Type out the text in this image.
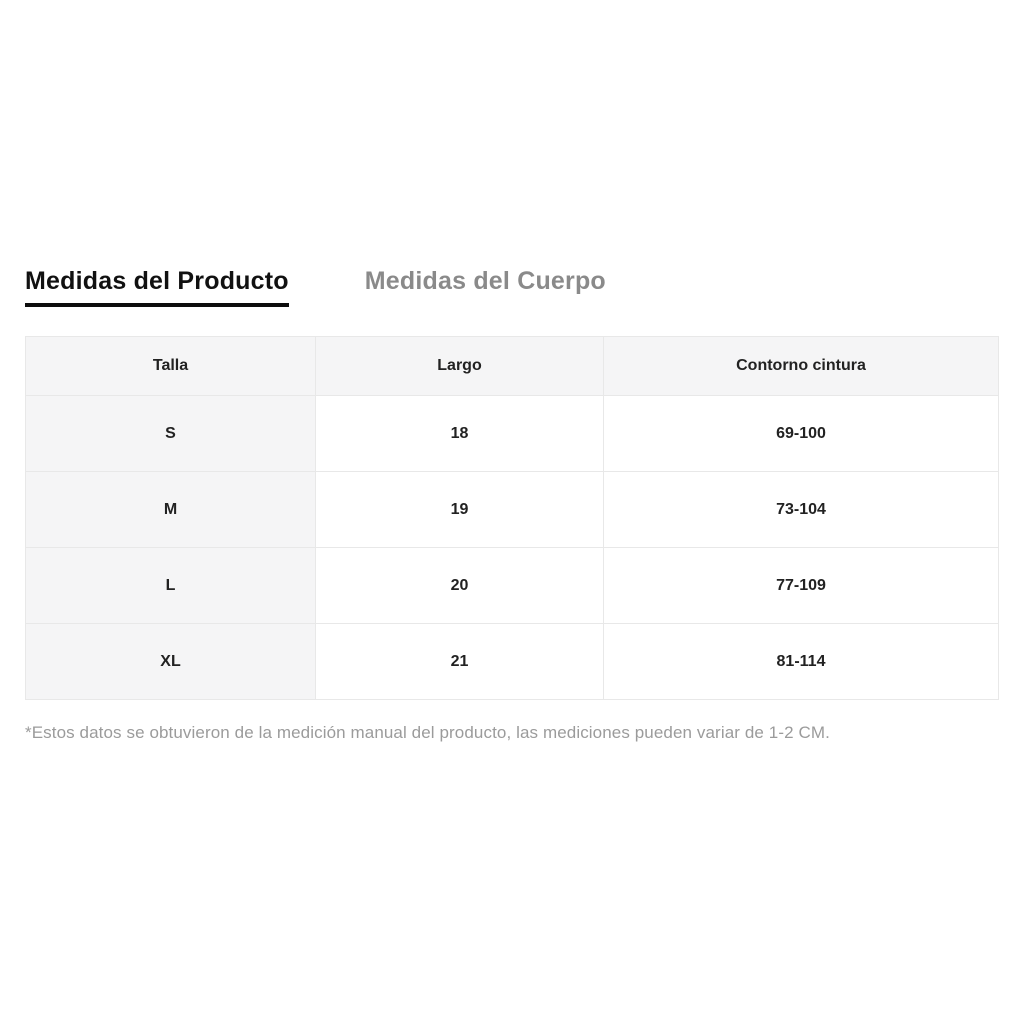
Medidas del Producto	Medidas del Cuerpo
Talla	Largo	Contorno cintura
S	18	69-100
M	19	73-104
L	20	77-109
XL	21	81-114
*Estos datos se obtuvieron de la medición manual del producto, las mediciones pueden variar de 1-2 CM.
